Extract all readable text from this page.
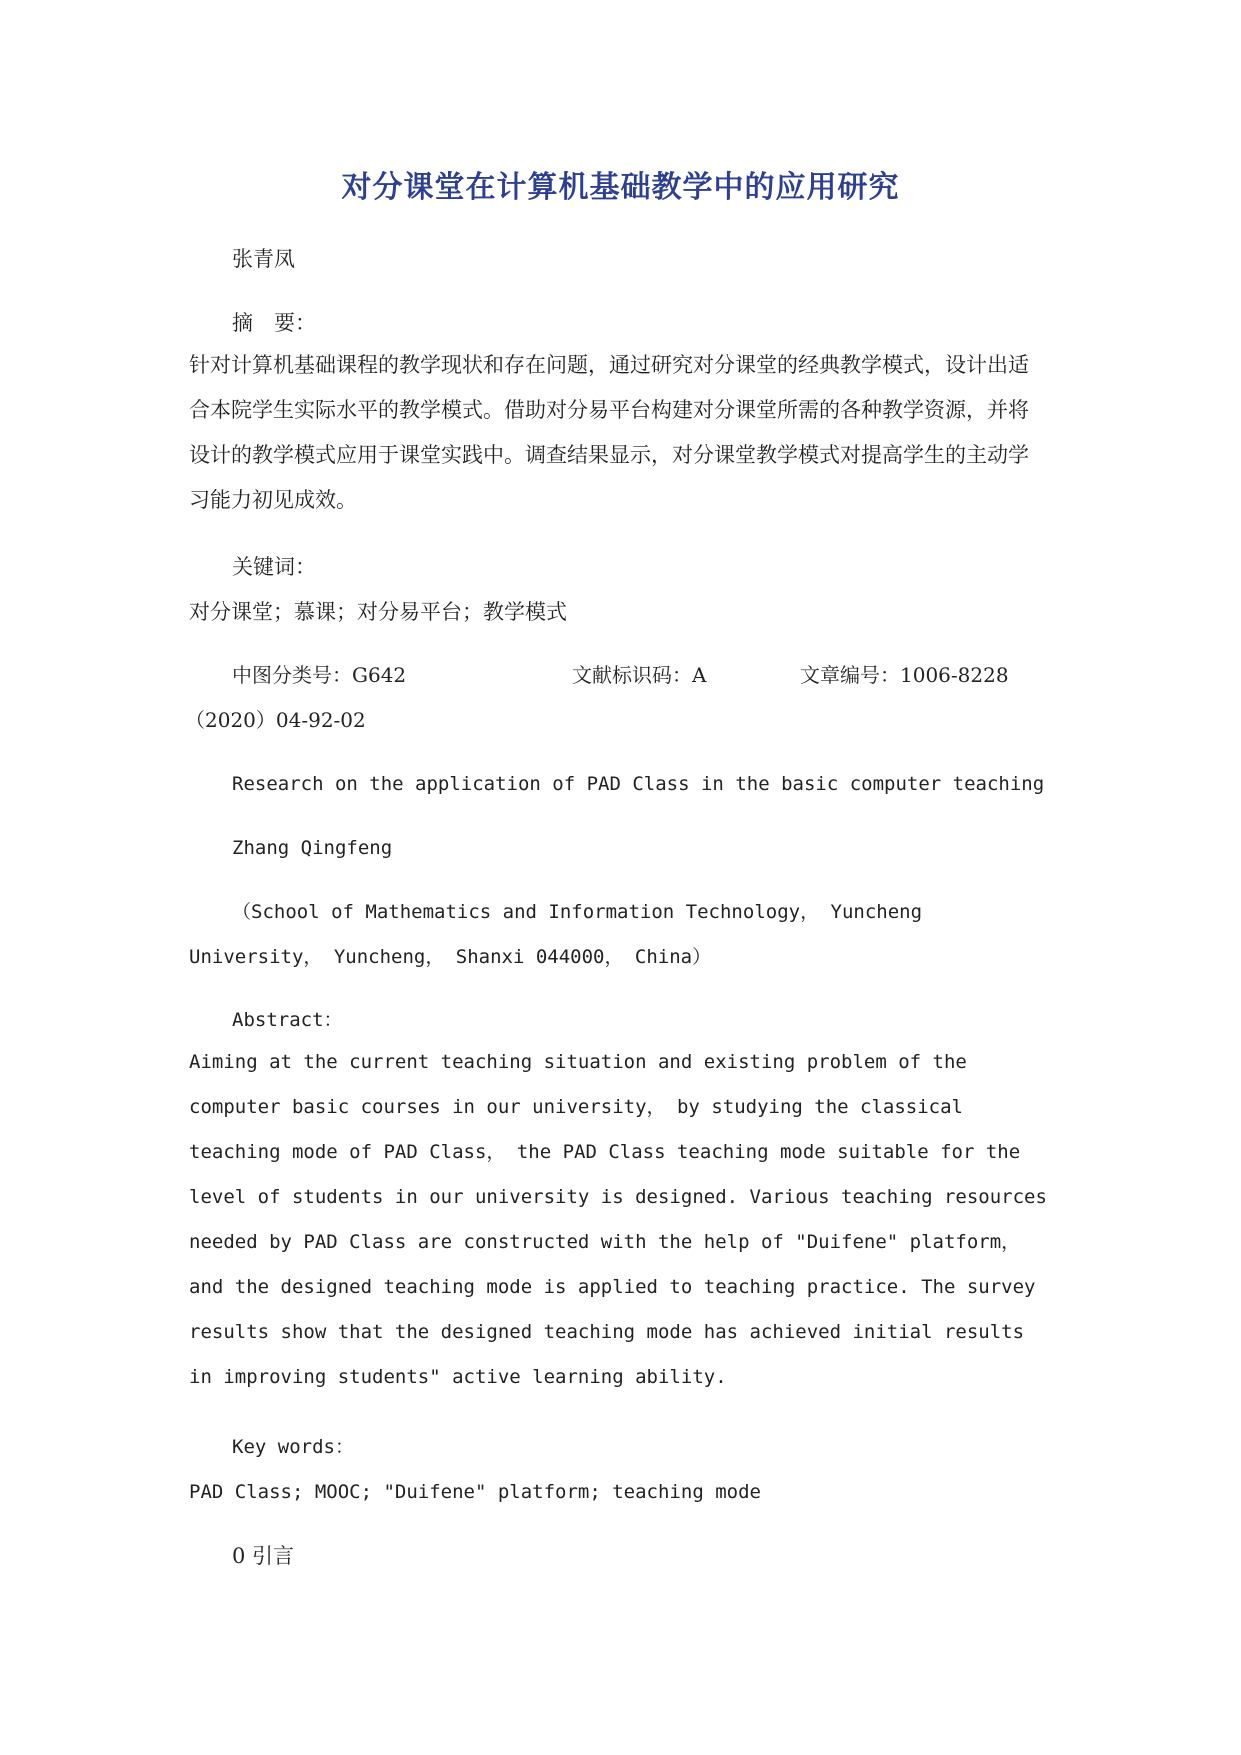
对分课堂在计算机基础教学中的应用研究
张青凤
摘　要：
针对计算机基础课程的教学现状和存在问题，通过研究对分课堂的经典教学模式，设计出适合本院学生实际水平的教学模式。借助对分易平台构建对分课堂所需的各种教学资源，并将设计的教学模式应用于课堂实践中。调查结果显示，对分课堂教学模式对提高学生的主动学习能力初见成效。
关键词：
对分课堂；慕课；对分易平台；教学模式
中图分类号：G642	文献标识码：A	文章编号：1006-8228
（2020）04-92-02
Research on the application of PAD Class in the basic computer teaching
Zhang Qingfeng
（School of Mathematics and Information Technology， Yuncheng University， Yuncheng， Shanxi 044000， China）
Abstract：
Aiming at the current teaching situation and existing problem of the computer basic courses in our university， by studying the classical teaching mode of PAD Class， the PAD Class teaching mode suitable for the level of students in our university is designed. Various teaching resources needed by PAD Class are constructed with the help of "Duifene" platform， and the designed teaching mode is applied to teaching practice. The survey results show that the designed teaching mode has achieved initial results in improving students" active learning ability.
Key words：
PAD Class; MOOC; "Duifene" platform; teaching mode
0 引言
